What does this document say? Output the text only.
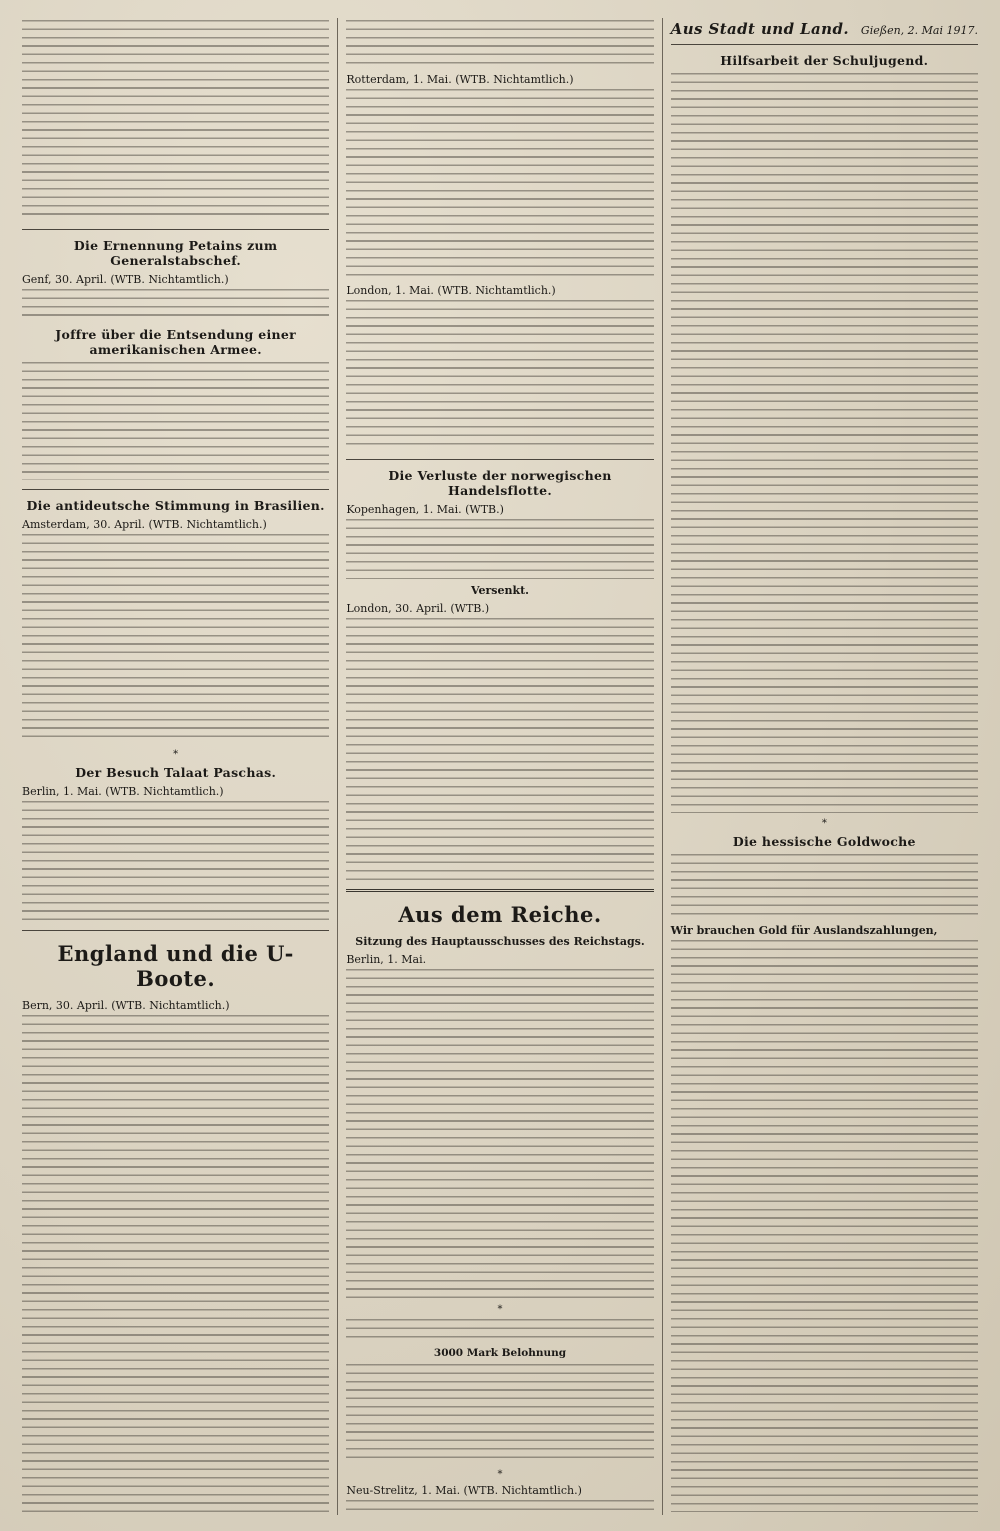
Die Ernennung Petains zum Generalstabschef.
Genf, 30. April. (WTB. Nichtamtlich.)
Joffre über die Entsendung einer amerikanischen Armee.
Die antideutsche Stimmung in Brasilien.
Amsterdam, 30. April. (WTB. Nichtamtlich.)
*
Der Besuch Talaat Paschas.
Berlin, 1. Mai. (WTB. Nichtamtlich.)
England und die U-Boote.
Bern, 30. April. (WTB. Nichtamtlich.)
Rotterdam, 1. Mai. (WTB. Nichtamtlich.)
London, 1. Mai. (WTB. Nichtamtlich.)
Die Verluste der norwegischen Handelsflotte.
Kopenhagen, 1. Mai. (WTB.)
Versenkt.
London, 30. April. (WTB.)
Aus dem Reiche.
Sitzung des Hauptausschusses des Reichstags.
Berlin, 1. Mai.
*
3000 Mark Belohnung
*
Neu-Strelitz, 1. Mai. (WTB. Nichtamtlich.)
Aus Stadt und Land. Gießen, 2. Mai 1917.
Hilfsarbeit der Schuljugend.
*
Die hessische Goldwoche
Wir brauchen Gold für Auslandszahlungen,
